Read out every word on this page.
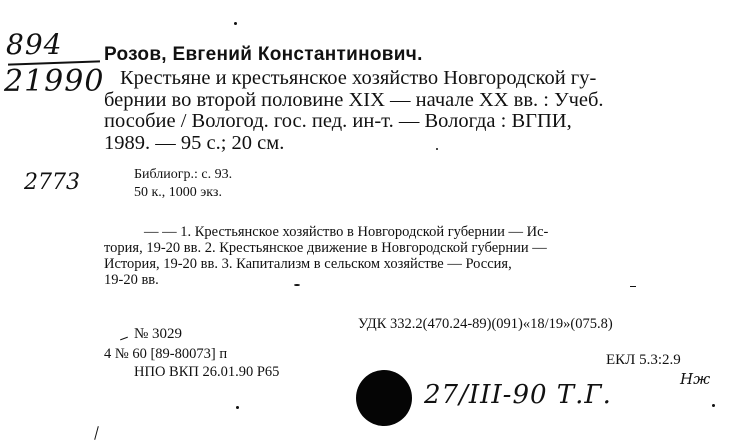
894
21990
2773
Розов, Евгений Константинович.
Крестьяне и крестьянское хозяйство Новгородской гу-
бернии во второй половине XIX — начале XX вв. : Учеб.
пособие / Вологод. гос. пед. ин-т. — Вологда : ВГПИ,
1989. — 95 с.; 20 см.
Библиогр.: с. 93.
50 к., 1000 экз.
— — 1. Крестьянское хозяйство в Новгородской губернии — Ис-
тория, 19-20 вв. 2. Крестьянское движение в Новгородской губернии —
История, 19-20 вв. 3. Капитализм в сельском хозяйстве — Россия,
19-20 вв.
УДК 332.2(470.24-89)(091)«18/19»(075.8)
№ 3029
4 № 60 [89-80073] п
НПО ВКП 26.01.90 Р65
ЕКЛ 5.3:2.9
27/III-90 Т.Г.
Нж
